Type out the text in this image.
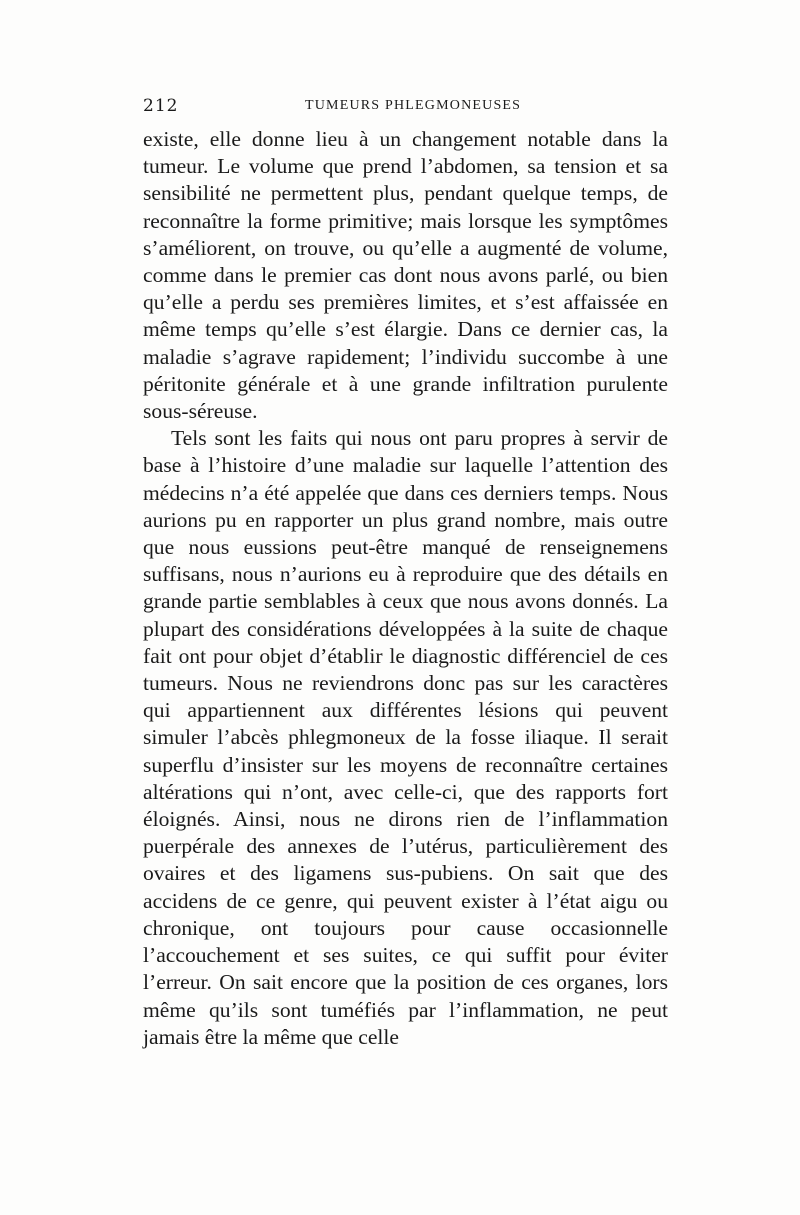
212	TUMEURS PHLEGMONEUSES

existe, elle donne lieu à un changement notable dans la tumeur. Le volume que prend l’abdomen, sa tension et sa sensibilité ne permettent plus, pendant quelque temps, de reconnaître la forme primitive; mais lorsque les symptômes s’améliorent, on trouve, ou qu’elle a augmenté de volume, comme dans le premier cas dont nous avons parlé, ou bien qu’elle a perdu ses premières limites, et s’est affaissée en même temps qu’elle s’est élargie. Dans ce dernier cas, la maladie s’agrave rapidement; l’individu succombe à une péritonite générale et à une grande infiltration purulente sous-séreuse.

Tels sont les faits qui nous ont paru propres à servir de base à l’histoire d’une maladie sur laquelle l’attention des médecins n’a été appelée que dans ces derniers temps. Nous aurions pu en rapporter un plus grand nombre, mais outre que nous eussions peut-être manqué de renseignemens suffisans, nous n’aurions eu à reproduire que des détails en grande partie semblables à ceux que nous avons donnés. La plupart des considérations développées à la suite de chaque fait ont pour objet d’établir le diagnostic différenciel de ces tumeurs. Nous ne reviendrons donc pas sur les caractères qui appartiennent aux différentes lésions qui peuvent simuler l’abcès phlegmoneux de la fosse iliaque. Il serait superflu d’insister sur les moyens de reconnaître certaines altérations qui n’ont, avec celle-ci, que des rapports fort éloignés. Ainsi, nous ne dirons rien de l’inflammation puerpérale des annexes de l’utérus, particulièrement des ovaires et des ligamens sus-pubiens. On sait que des accidens de ce genre, qui peuvent exister à l’état aigu ou chronique, ont toujours pour cause occasionnelle l’accouchement et ses suites, ce qui suffit pour éviter l’erreur. On sait encore que la position de ces organes, lors même qu’ils sont tuméfiés par l’inflammation, ne peut jamais être la même que celle
